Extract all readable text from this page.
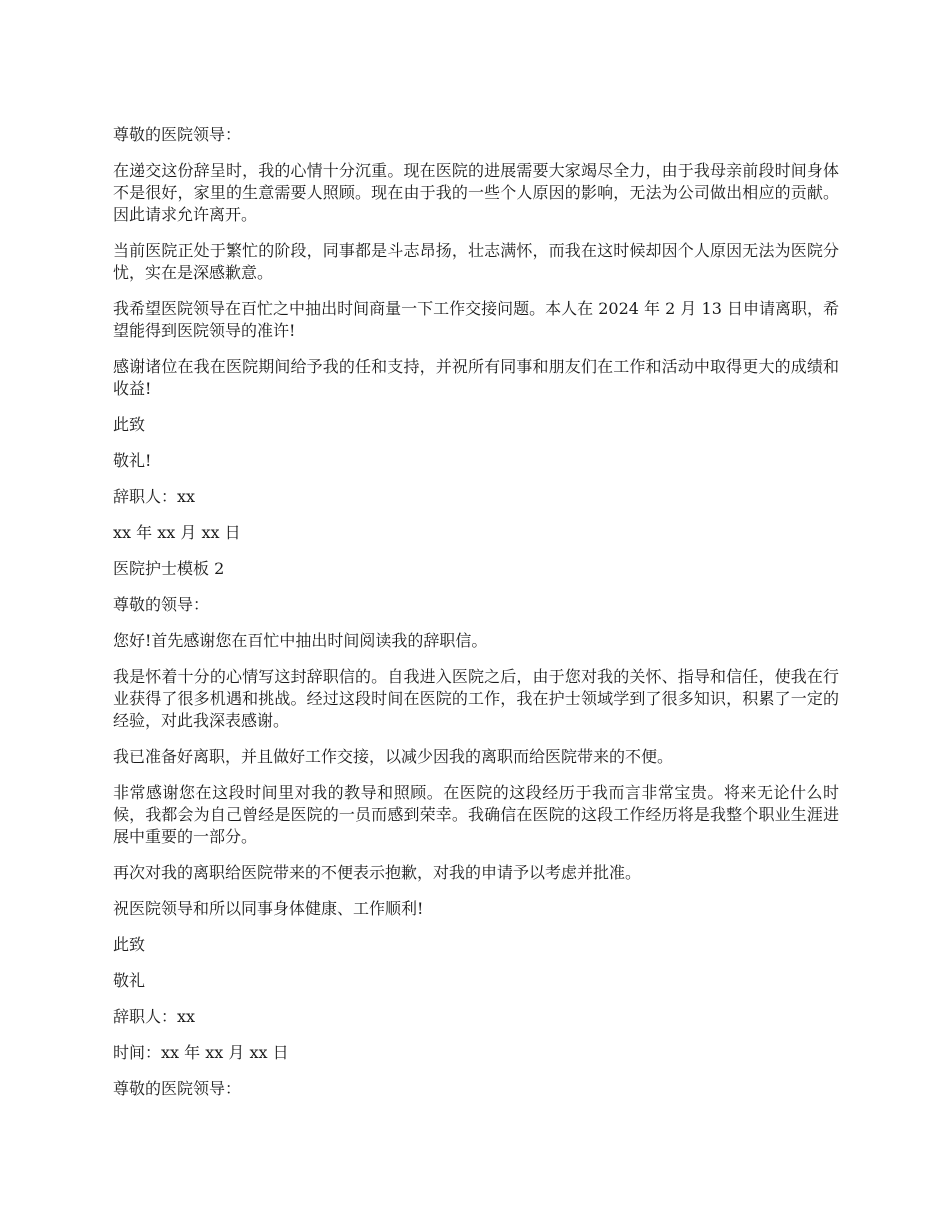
尊敬的医院领导：

在递交这份辞呈时，我的心情十分沉重。现在医院的进展需要大家竭尽全力，由于我母亲前段时间身体不是很好，家里的生意需要人照顾。现在由于我的一些个人原因的影响，无法为公司做出相应的贡献。因此请求允许离开。

当前医院正处于繁忙的阶段，同事都是斗志昂扬，壮志满怀，而我在这时候却因个人原因无法为医院分忧，实在是深感歉意。

我希望医院领导在百忙之中抽出时间商量一下工作交接问题。本人在 2024 年 2 月 13 日申请离职，希望能得到医院领导的准许!

感谢诸位在我在医院期间给予我的任和支持，并祝所有同事和朋友们在工作和活动中取得更大的成绩和收益!

此致

敬礼!

辞职人：xx

xx 年 xx 月 xx 日

医院护士模板 2

尊敬的领导：

您好!首先感谢您在百忙中抽出时间阅读我的辞职信。

我是怀着十分的心情写这封辞职信的。自我进入医院之后，由于您对我的关怀、指导和信任，使我在行业获得了很多机遇和挑战。经过这段时间在医院的工作，我在护士领域学到了很多知识，积累了一定的经验，对此我深表感谢。

我已准备好离职，并且做好工作交接，以减少因我的离职而给医院带来的不便。

非常感谢您在这段时间里对我的教导和照顾。在医院的这段经历于我而言非常宝贵。将来无论什么时候，我都会为自己曾经是医院的一员而感到荣幸。我确信在医院的这段工作经历将是我整个职业生涯进展中重要的一部分。

再次对我的离职给医院带来的不便表示抱歉，对我的申请予以考虑并批准。

祝医院领导和所以同事身体健康、工作顺利!

此致

敬礼

辞职人：xx

时间：xx 年 xx 月 xx 日

尊敬的医院领导：
